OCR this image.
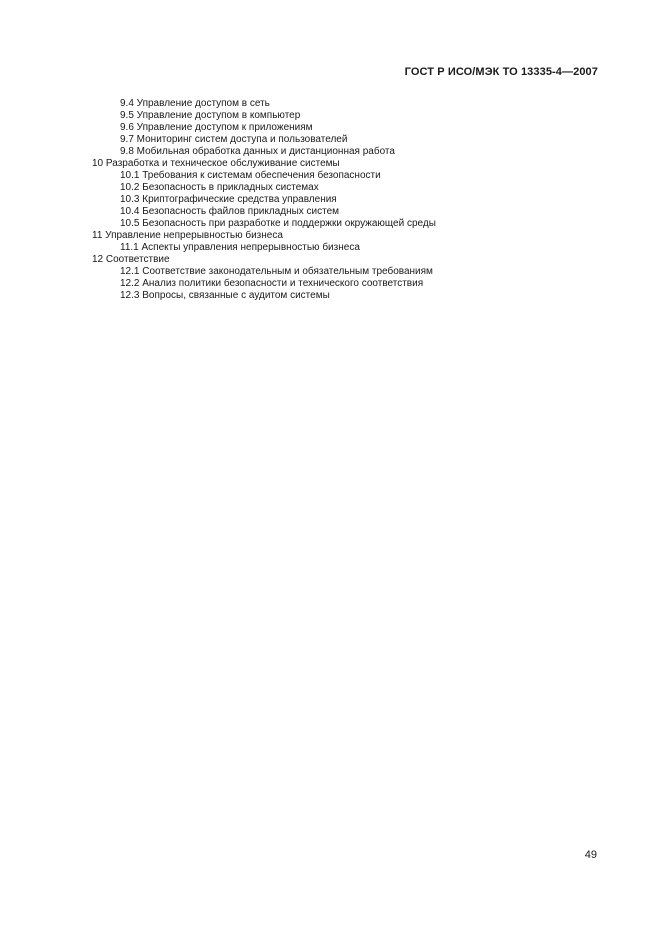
ГОСТ Р ИСО/МЭК ТО 13335-4—2007
9.4 Управление доступом в сеть
9.5 Управление доступом в компьютер
9.6 Управление доступом к приложениям
9.7 Мониторинг систем доступа и пользователей
9.8 Мобильная обработка данных и дистанционная работа
10 Разработка и техническое обслуживание системы
10.1 Требования к системам обеспечения безопасности
10.2 Безопасность в прикладных системах
10.3 Криптографические средства управления
10.4 Безопасность файлов прикладных систем
10.5 Безопасность при разработке и поддержки окружающей среды
11 Управление непрерывностью бизнеса
11.1 Аспекты управления непрерывностью бизнеса
12 Соответствие
12.1 Соответствие законодательным и обязательным требованиям
12.2 Анализ политики безопасности и технического соответствия
12.3 Вопросы, связанные с аудитом системы
49
